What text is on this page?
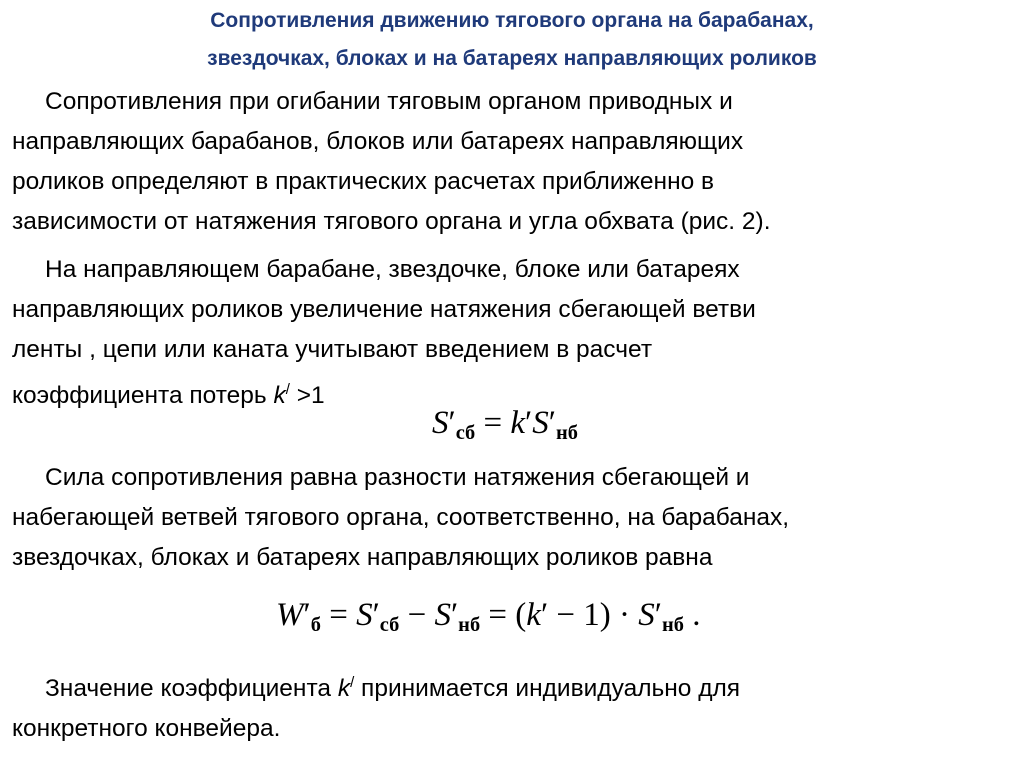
Сопротивления движению тягового органа на барабанах,
звездочках, блоках и на батареях направляющих роликов

Сопротивления при огибании тяговым органом приводных и
направляющих барабанов, блоков или батареях направляющих
роликов определяют в практических расчетах приближенно в
зависимости от натяжения тягового органа и угла обхвата (рис. 2).

На направляющем барабане, звездочке, блоке или батареях
направляющих роликов увеличение натяжения сбегающей ветви
ленты , цепи или каната учитывают введением в расчет
коэффициента потерь k/ >1

$S'_{сб} = k'S'_{нб}$

Сила сопротивления равна разности натяжения сбегающей и
набегающей ветвей тягового органа, соответственно, на барабанах,
звездочках, блоках и батареях направляющих роликов равна

$W'_б = S'_{сб} - S'_{нб} = (k' - 1) \cdot S'_{нб}$ .

Значение коэффициента k/ принимается индивидуально для
конкретного конвейера.
